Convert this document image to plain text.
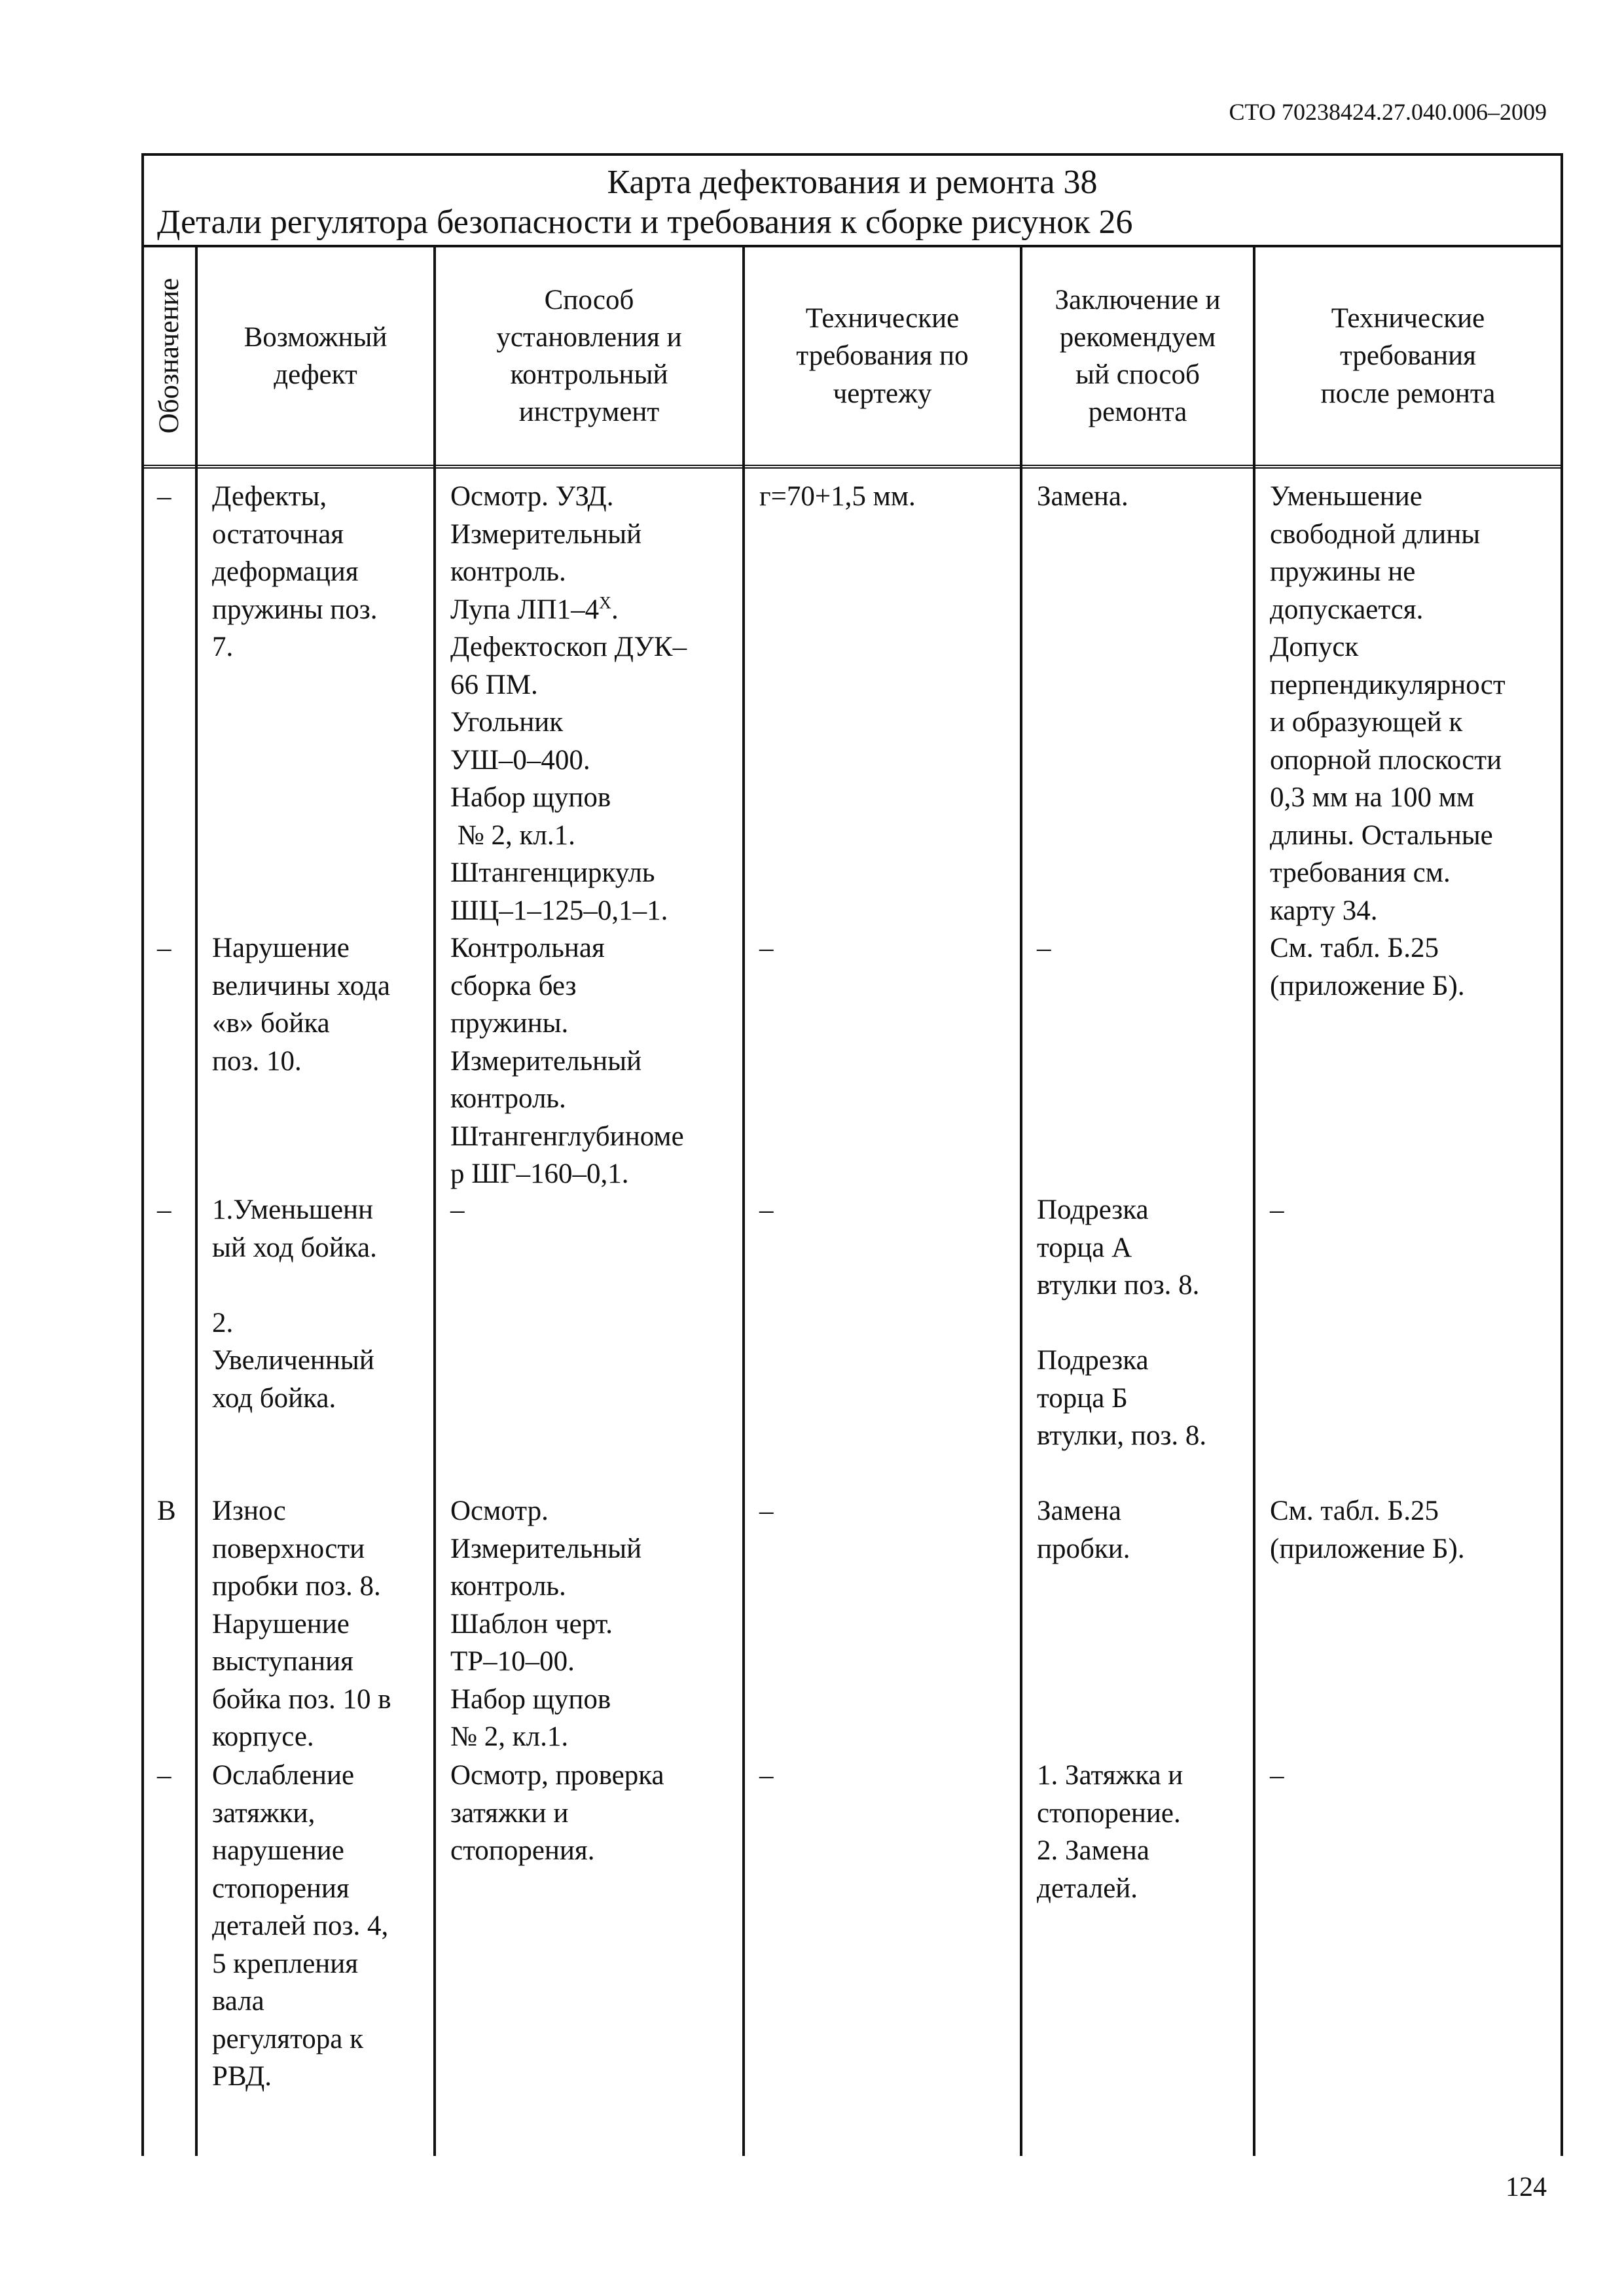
СТО 70238424.27.040.006–2009
Карта дефектования и ремонта 38
Детали регулятора безопасности и требования к сборке рисунок 26
Обозначение
–
–
–
В
–
Возможный
дефект
Дефекты,
остаточная
деформация
пружины поз.
7.
Нарушение
величины хода
«в» бойка
поз. 10.
1.Уменьшенн
ый ход бойка.

2.
Увеличенный
ход бойка.
Износ
поверхности
пробки поз. 8.
Нарушение
выступания
бойка поз. 10 в
корпусе.
Ослабление
затяжки,
нарушение
стопорения
деталей поз. 4,
5 крепления
вала
регулятора к
РВД.
Способ
установления и
контрольный
инструмент
Осмотр. УЗД.
Измерительный
контроль.
Лупа $ЛП1-4^X$.
Дефектоскоп ДУК–
66 ПМ.
Угольник
УШ–0–400.
Набор щупов
№ 2, кл.1.
Штангенциркуль
ШЦ–1–125–0,1–1.
Контрольная
сборка без
пружины.
Измерительный
контроль.
Штангенглубиноме
р ШГ–160–0,1.
–
Осмотр.
Измерительный
контроль.
Шаблон черт.
ТР–10–00.
Набор щупов
№ 2, кл.1.
Осмотр, проверка
затяжки и
стопорения.
Технические
требования по
чертежу
г=70+1,5 мм.
–
–
–
–
Заключение и
рекомендуем
ый способ
ремонта
Замена.
–
Подрезка
торца А
втулки поз. 8.

Подрезка
торца Б
втулки, поз. 8.
Замена
пробки.
1. Затяжка и
стопорение.
2. Замена
деталей.
Технические
требования
после ремонта
Уменьшение
свободной длины
пружины не
допускается.
Допуск
перпендикулярност
и образующей к
опорной плоскости
0,3 мм на 100 мм
длины. Остальные
требования см.
карту 34.
См. табл. Б.25
(приложение Б).
–
См. табл. Б.25
(приложение Б).
–
124
